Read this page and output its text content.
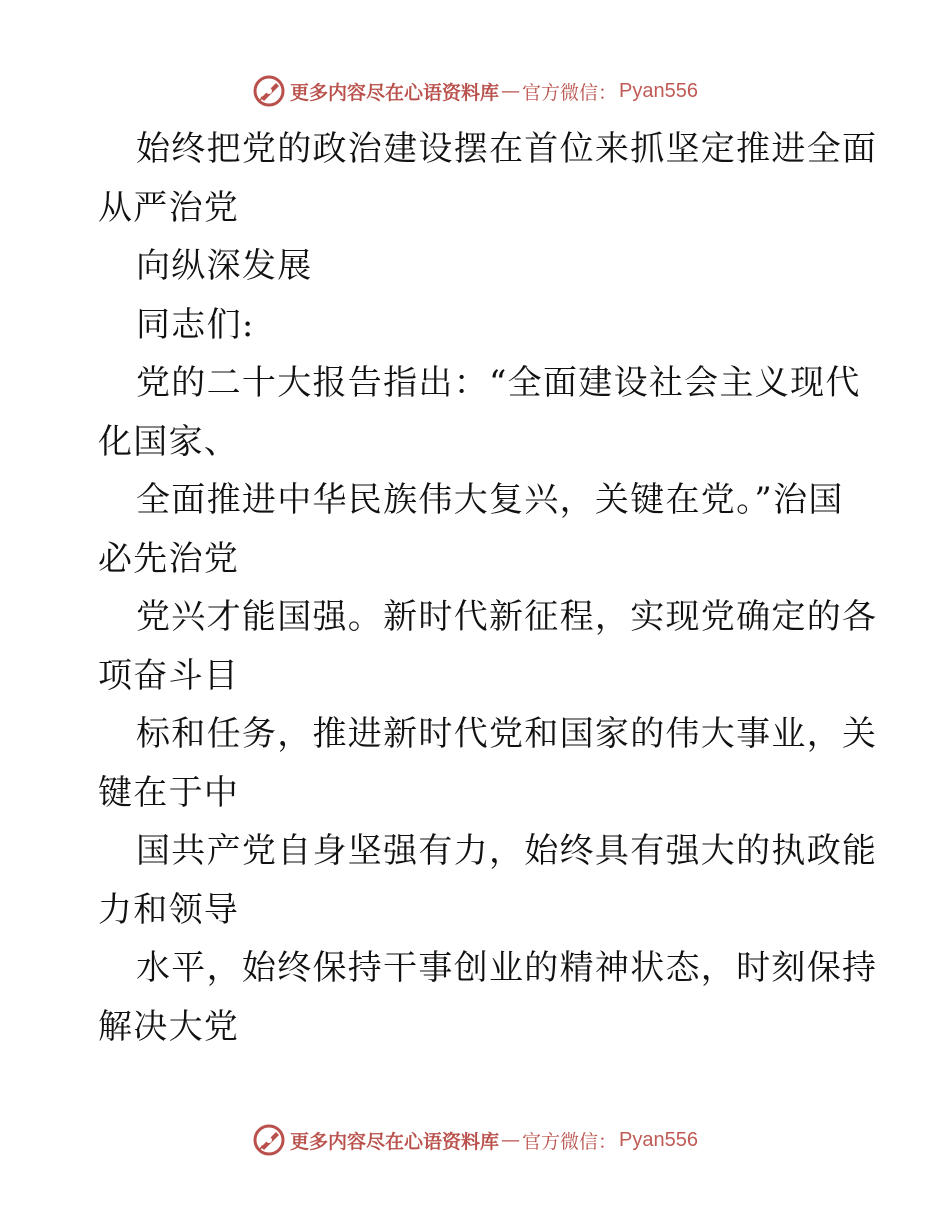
更多内容尽在心语资料库 — 官方微信： Pyan556
始终把党的政治建设摆在首位来抓坚定推进全面
从严治党
向纵深发展
同志们:
党的二十大报告指出：“全面建设社会主义现代
化国家、
全面推进中华民族伟大复兴，关键在党。”治国
必先治党
党兴才能国强。新时代新征程，实现党确定的各
项奋斗目
标和任务，推进新时代党和国家的伟大事业，关
键在于中
国共产党自身坚强有力，始终具有强大的执政能
力和领导
水平，始终保持干事创业的精神状态，时刻保持
解决大党
更多内容尽在心语资料库 — 官方微信： Pyan556
